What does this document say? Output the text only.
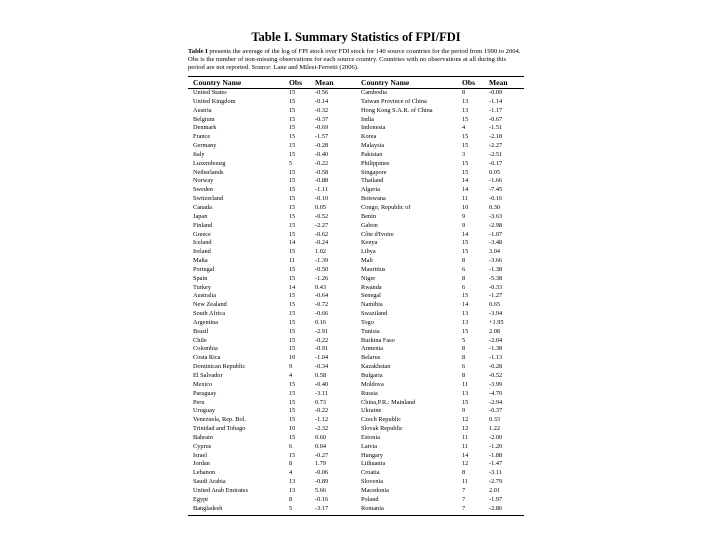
Table I. Summary Statistics of FPI/FDI

Table I presents the average of the log of FPI stock over FDI stock for 140 source countries for the period from 1990 to 2004. Obs is the number of non-missing observations for each source country. Countries with no observations at all during this period are not reported. Source: Lane and Milesi-Ferretti (2006).

Country Name	Obs	Mean	Country Name	Obs	Mean
United States	15	-0.56	Cambodia	8	-0.09
United Kingdom	15	-0.14	Taiwan Province of China	13	-1.14
Austria	15	-0.32	Hong Kong S.A.R. of China	13	-1.17
Belgium	15	-0.37	India	15	-0.67
Denmark	15	-0.69	Indonesia	4	-1.51
France	15	-1.57	Korea	15	-2.18
Germany	15	-0.28	Malaysia	15	-2.27
Italy	15	-0.40	Pakistan	3	-2.51
Luxembourg	5	-0.22	Philippines	15	-0.17
Netherlands	15	-0.58	Singapore	15	0.05
Norway	15	-0.88	Thailand	14	-1.66
Sweden	15	-1.11	Algeria	14	-7.45
Switzerland	15	-0.10	Botswana	11	-0.16
Canada	15	0.05	Congo, Republic of	10	0.30
Japan	15	-0.52	Benin	9	-3.63
Finland	15	-2.27	Gabon	9	-2.98
Greece	15	-0.62	Côte d'Ivoire	14	-1.07
Iceland	14	-0.24	Kenya	15	-3.48
Ireland	15	1.02	Libya	15	3.04
Malta	11	-1.39	Mali	8	-3.66
Portugal	15	-0.50	Mauritius	6	-1.38
Spain	15	-1.26	Niger	8	-5.38
Turkey	14	0.43	Rwanda	6	-0.33
Australia	15	-0.64	Senegal	15	-1.27
New Zealand	15	-0.72	Namibia	14	0.65
South Africa	15	-0.66	Swaziland	13	-3.94
Argentina	15	0.16	Togo	13	+1.95
Brazil	15	-2.91	Tunisia	15	2.08
Chile	15	-0.22	Burkina Faso	5	-2.04
Colombia	15	-0.91	Armenia	8	-1.38
Costa Rica	10	-1.04	Belarus	8	-1.13
Dominican Republic	9	-0.34	Kazakhstan	6	-0.28
El Salvador	4	0.58	Bulgaria	8	-0.52
Mexico	15	-0.40	Moldova	11	-3.99
Paraguay	15	-3.11	Russia	13	-4.70
Peru	15	0.73	China,P.R.: Mainland	15	-2.94
Uruguay	15	-0.22	Ukraine	9	-0.37
Venezuela, Rep. Bol.	15	-1.12	Czech Republic	12	0.33
Trinidad and Tobago	10	-2.32	Slovak Republic	12	1.22
Bahrain	15	0.60	Estonia	11	-2.00
Cyprus	6	0.04	Latvia	11	-1.20
Israel	15	-0.27	Hungary	14	-1.88
Jordan	8	1.79	Lithuania	12	-1.47
Lebanon	4	-0.06	Croatia	8	-3.11
Saudi Arabia	13	-0.89	Slovenia	11	-2.79
United Arab Emirates	13	5.66	Macedonia	7	2.01
Egypt	8	-0.16	Poland	7	-1.97
Bangladesh	5	-3.17	Romania	7	-2.86
